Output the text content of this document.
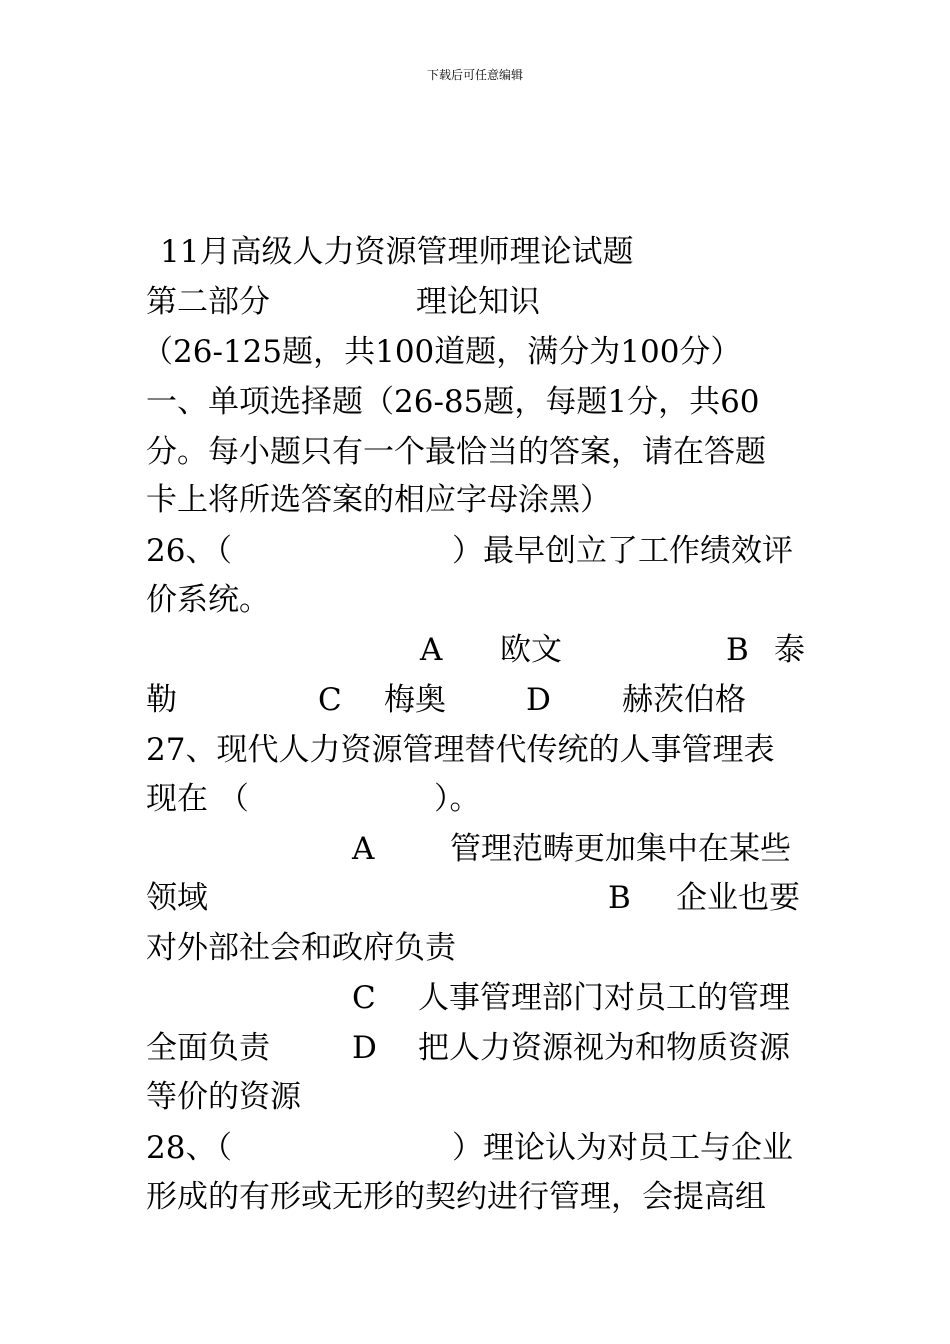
下载后可任意编辑
11月高级人力资源管理师理论试题

第二部分

	理论知识

（26-125题，共100道题，满分为100分）
一、单项选择题（26-85题，每题1分，共60
分。每小题只有一个最恰当的答案，请在答题
卡上将所选答案的相应字母涂黑）

26、（

	）最早创立了工作绩效评

价系统。

A

欧文

	B

泰

勒

	C

梅奥

	D

赫茨伯格

27、现代人力资源管理替代传统的人事管理表

现在 （

	）。

A

管理范畴更加集中在某些

领域

	B

企业也要

对外部社会和政府负责

C

人事管理部门对员工的管理

全面负责

	D

把人力资源视为和物质资源

等价的资源

28、（

	）理论认为对员工与企业

形成的有形或无形的契约进行管理，会提高组
